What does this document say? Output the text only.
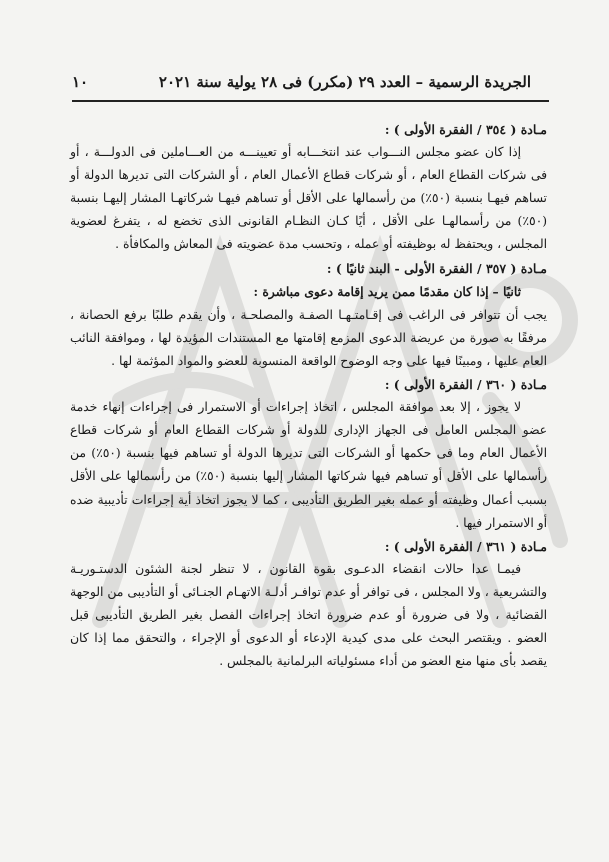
الجريدة الرسمية – العدد ٢٩ (مكرر) فى ٢٨ يولية سنة ٢٠٢١
١٠

مـادة ( ٣٥٤ / الفقرة الأولى ) :

إذا كان عضو مجلس النـــواب عند انتخـــابه أو تعيينـــه من العـــاملين فى الدولـــة ، أو فى شركات القطاع العام ، أو شركات قطاع الأعمال العام ، أو الشركات التى تديرها الدولة أو تساهم فيهـا بنسبة (٥٠٪) من رأسمالها على الأقل أو تساهم فيهـا شركاتهـا المشار إليهـا بنسبة (٥٠٪) من رأسمالهـا على الأقل ، أيًا كـان النظـام القانونى الذى تخضع له ، يتفرغ لعضوية المجلس ، ويحتفظ له بوظيفته أو عمله ، وتحسب مدة عضويته فى المعاش والمكافأة .

مـادة ( ٣٥٧ / الفقرة الأولى - البند ثانيًا ) :

ثانيًا – إذا كان مقدمًا ممن يريد إقامة دعوى مباشرة :

يجب أن تتوافر فى الراغب فى إقـامتـهـا الصفـة والمصلحـة ، وأن يقدم طلبًا برفع الحصانة ، مرفقًا به صورة من عريضة الدعوى المزمع إقامتها مع المستندات المؤيدة لها ، وموافقة النائب العام عليها ، ومبينًا فيها على وجه الوضوح الواقعة المنسوبة للعضو والمواد المؤثمة لها .

مـادة ( ٣٦٠ / الفقرة الأولى ) :

لا يجوز ، إلا بعد موافقة المجلس ، اتخاذ إجراءات أو الاستمرار فى إجراءات إنهاء خدمة عضو المجلس العامل فى الجهاز الإدارى للدولة أو شركات القطاع العام أو شركات قطاع الأعمال العام وما فى حكمها أو الشركات التى تديرها الدولة أو تساهم فيها بنسبة (٥٠٪) من رأسمالها على الأقل أو تساهم فيها شركاتها المشار إليها بنسبة (٥٠٪) من رأسمالها على الأقل بسبب أعمال وظيفته أو عمله بغير الطريق التأديبى ، كما لا يجوز اتخاذ أية إجراءات تأديبية ضده أو الاستمرار فيها .

مـادة ( ٣٦١ / الفقرة الأولى ) :

فيمـا عدا حالات انقضاء الدعـوى بقوة القانون ، لا تنظر لجنة الشئون الدستـوريـة والتشريعية ، ولا المجلس ، فى توافر أو عدم توافـر أدلـة الاتهـام الجنـائى أو التأديبى من الوجهة القضائية ، ولا فى ضرورة أو عدم ضرورة اتخاذ إجراءات الفصل بغير الطريق التأديبى قبل العضو . ويقتصر البحث على مدى كيدية الإدعاء أو الدعوى أو الإجراء ، والتحقق مما إذا كان يقصد بأى منها منع العضو من أداء مسئولياته البرلمانية بالمجلس .
